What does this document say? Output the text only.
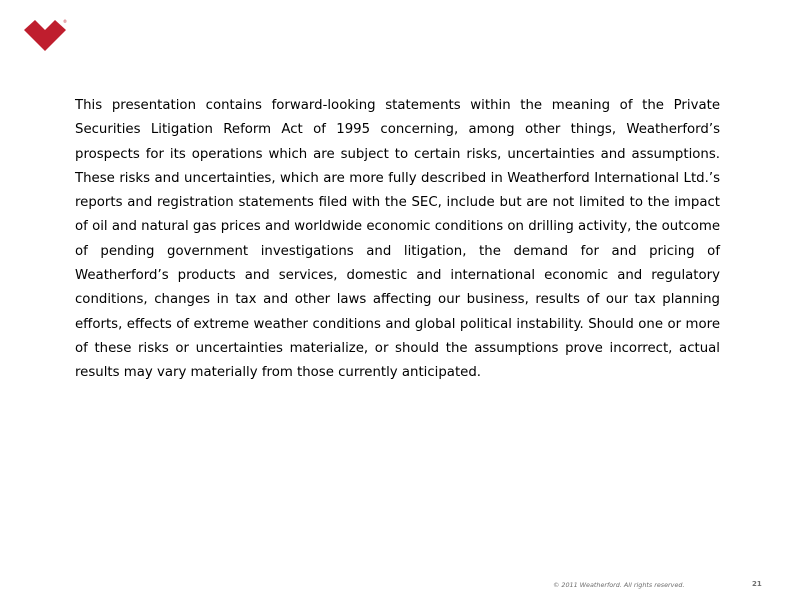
®

This presentation contains forward-looking statements within the meaning of the Private Securities Litigation Reform Act of 1995 concerning, among other things, Weatherford’s prospects for its operations which are subject to certain risks, uncertainties and assumptions. These risks and uncertainties, which are more fully described in Weatherford International Ltd.’s reports and registration statements filed with the SEC, include but are not limited to the impact of oil and natural gas prices and worldwide economic conditions on drilling activity, the outcome of pending government investigations and litigation, the demand for and pricing of Weatherford’s products and services, domestic and international economic and regulatory conditions, changes in tax and other laws affecting our business, results of our tax planning efforts, effects of extreme weather conditions and global political instability. Should one or more of these risks or uncertainties materialize, or should the assumptions prove incorrect, actual results may vary materially from those currently anticipated.

© 2011 Weatherford. All rights reserved.	21
